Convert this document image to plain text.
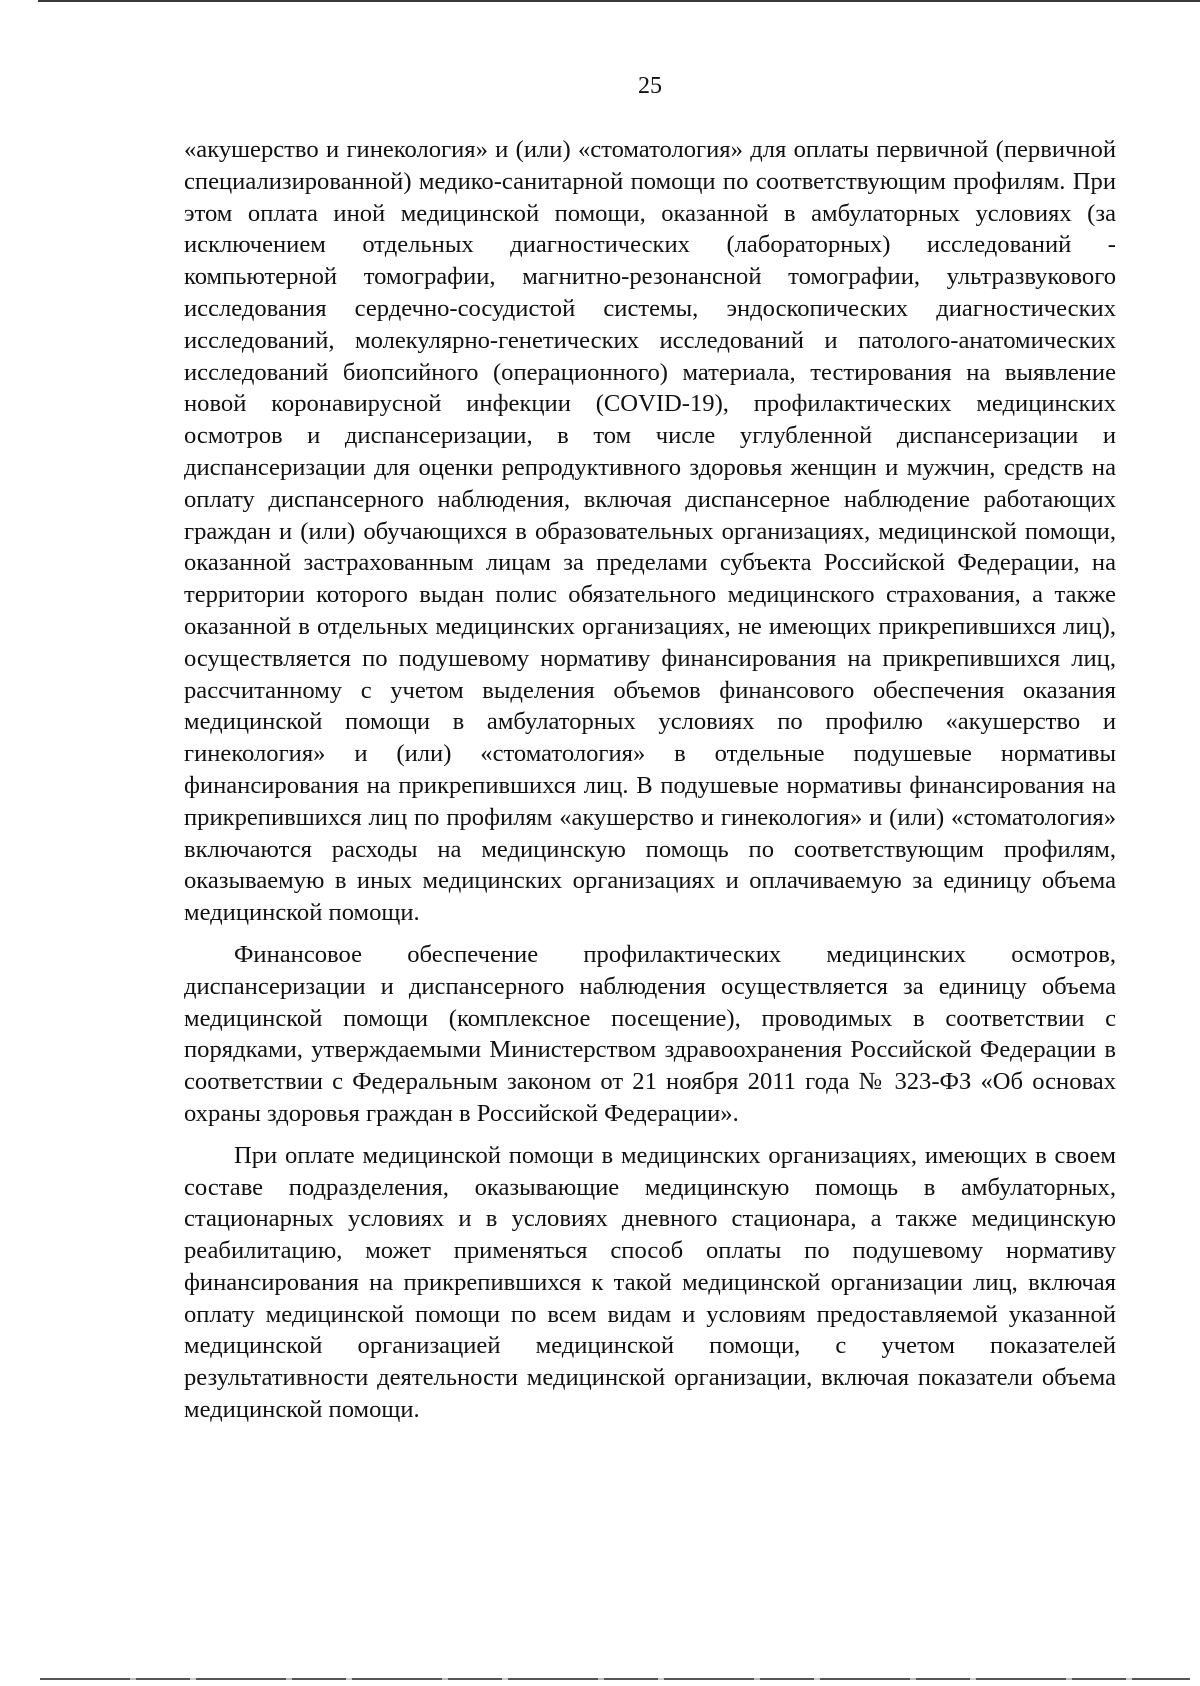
25

«акушерство и гинекология» и (или) «стоматология» для оплаты первичной (первичной специализированной) медико-санитарной помощи по соответствующим профилям. При этом оплата иной медицинской помощи, оказанной в амбулаторных условиях (за исключением отдельных диагностических (лабораторных) исследований - компьютерной томографии, магнитно-резонансной томографии, ультразвукового исследования сердечно-сосудистой системы, эндоскопических диагностических исследований, молекулярно-генетических исследований и патолого-анатомических исследований биопсийного (операционного) материала, тестирования на выявление новой коронавирусной инфекции (COVID-19), профилактических медицинских осмотров и диспансеризации, в том числе углубленной диспансеризации и диспансеризации для оценки репродуктивного здоровья женщин и мужчин, средств на оплату диспансерного наблюдения, включая диспансерное наблюдение работающих граждан и (или) обучающихся в образовательных организациях, медицинской помощи, оказанной застрахованным лицам за пределами субъекта Российской Федерации, на территории которого выдан полис обязательного медицинского страхования, а также оказанной в отдельных медицинских организациях, не имеющих прикрепившихся лиц), осуществляется по подушевому нормативу финансирования на прикрепившихся лиц, рассчитанному с учетом выделения объемов финансового обеспечения оказания медицинской помощи в амбулаторных условиях по профилю «акушерство и гинекология» и (или) «стоматология» в отдельные подушевые нормативы финансирования на прикрепившихся лиц. В подушевые нормативы финансирования на прикрепившихся лиц по профилям «акушерство и гинекология» и (или) «стоматология» включаются расходы на медицинскую помощь по соответствующим профилям, оказываемую в иных медицинских организациях и оплачиваемую за единицу объема медицинской помощи.

Финансовое обеспечение профилактических медицинских осмотров, диспансеризации и диспансерного наблюдения осуществляется за единицу объема медицинской помощи (комплексное посещение), проводимых в соответствии с порядками, утверждаемыми Министерством здравоохранения Российской Федерации в соответствии с Федеральным законом от 21 ноября 2011 года № 323-ФЗ «Об основах охраны здоровья граждан в Российской Федерации».

При оплате медицинской помощи в медицинских организациях, имеющих в своем составе подразделения, оказывающие медицинскую помощь в амбулаторных, стационарных условиях и в условиях дневного стационара, а также медицинскую реабилитацию, может применяться способ оплаты по подушевому нормативу финансирования на прикрепившихся к такой медицинской организации лиц, включая оплату медицинской помощи по всем видам и условиям предоставляемой указанной медицинской организацией медицинской помощи, с учетом показателей результативности деятельности медицинской организации, включая показатели объема медицинской помощи.
